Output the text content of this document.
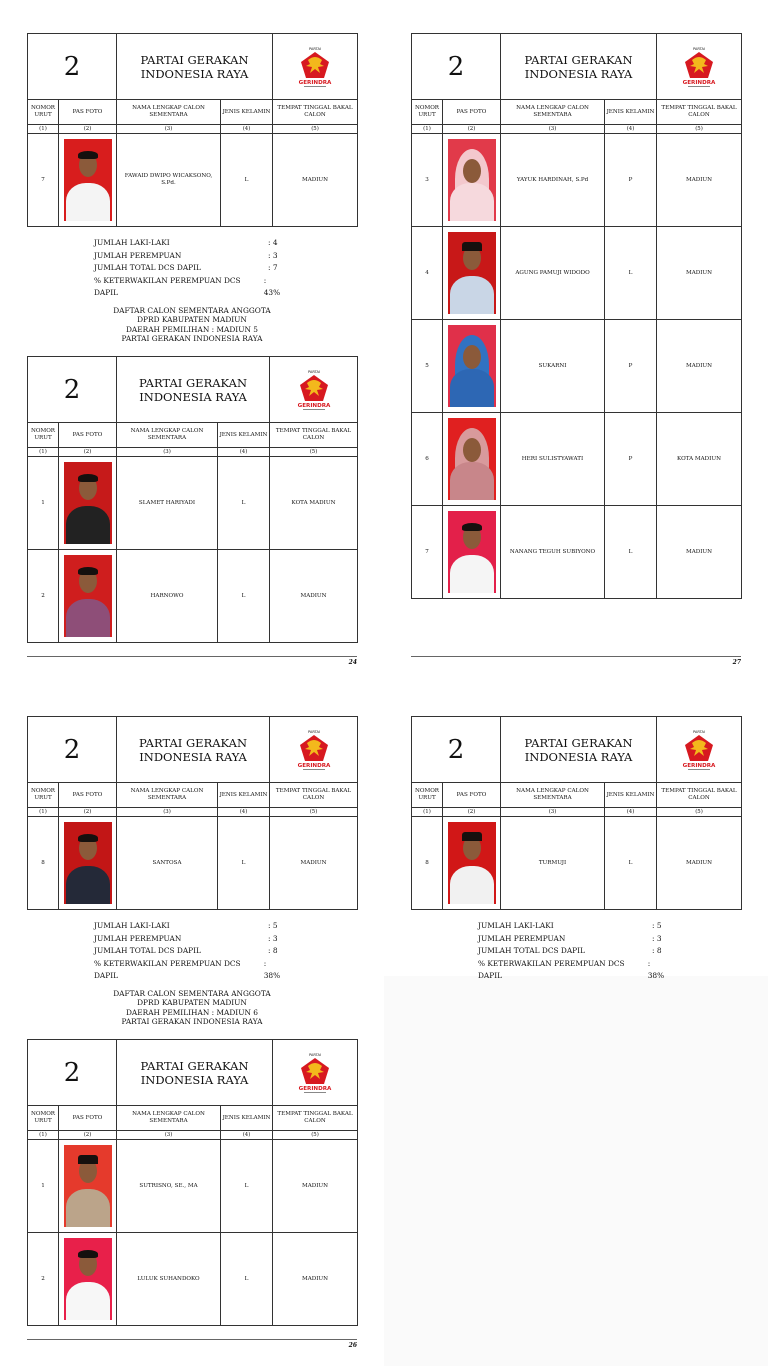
2		PARTAI GERAKAN INDONESIA RAYA		PARTAI
GERINDRA

NOMOR URUT	PAS FOTO	NAMA LENGKAP CALON SEMENTARA	JENIS KELAMIN	TEMPAT TINGGAL BAKAL CALON
(1)	(2)	(3)	(4)	(5)
7		FAWAID DWIPO WICAKSONO, S.Pd.	L	MADIUN
JUMLAH LAKI-LAKI	: 4
JUMLAH PEREMPUAN	: 3
JUMLAH TOTAL DCS DAPIL	: 7
% KETERWAKILAN PEREMPUAN DCS DAPIL
: 43%
DAFTAR CALON SEMENTARA ANGGOTA
DPRD KABUPATEN MADIUN
DAERAH PEMILIHAN : MADIUN 5
PARTAI GERAKAN INDONESIA RAYA
2		PARTAI GERAKAN INDONESIA RAYA		PARTAI
GERINDRA

NOMOR URUT	PAS FOTO	NAMA LENGKAP CALON SEMENTARA	JENIS KELAMIN	TEMPAT TINGGAL BAKAL CALON
(1)	(2)	(3)	(4)	(5)
1		SLAMET HARIYADI	L	KOTA MADIUN
2		HARNOWO	L	MADIUN
24
2		PARTAI GERAKAN INDONESIA RAYA		PARTAI
GERINDRA

NOMOR URUT	PAS FOTO	NAMA LENGKAP CALON SEMENTARA	JENIS KELAMIN	TEMPAT TINGGAL BAKAL CALON
(1)	(2)	(3)	(4)	(5)
3		YAYUK HARDINAH, S.Pd	P	MADIUN
4		AGUNG PAMUJI WIDODO	L	MADIUN
5		SUKARNI	P	MADIUN
6		HERI SULISTYAWATI	P	KOTA MADIUN
7		NANANG TEGUH SUBIYONO	L	MADIUN
27
2		PARTAI GERAKAN INDONESIA RAYA		PARTAI
GERINDRA

NOMOR URUT	PAS FOTO	NAMA LENGKAP CALON SEMENTARA	JENIS KELAMIN	TEMPAT TINGGAL BAKAL CALON
(1)	(2)	(3)	(4)	(5)
8		SANTOSA	L	MADIUN
JUMLAH LAKI-LAKI	: 5
JUMLAH PEREMPUAN	: 3
JUMLAH TOTAL DCS DAPIL	: 8
% KETERWAKILAN PEREMPUAN DCS DAPIL
: 38%
DAFTAR CALON SEMENTARA ANGGOTA
DPRD KABUPATEN MADIUN
DAERAH PEMILIHAN : MADIUN 6
PARTAI GERAKAN INDONESIA RAYA
2		PARTAI GERAKAN INDONESIA RAYA		PARTAI
GERINDRA

NOMOR URUT	PAS FOTO	NAMA LENGKAP CALON SEMENTARA	JENIS KELAMIN	TEMPAT TINGGAL BAKAL CALON
(1)	(2)	(3)	(4)	(5)
1		SUTRISNO, SE., MA	L	MADIUN
2		LULUK SUHANDOKO	L	MADIUN
26
2		PARTAI GERAKAN INDONESIA RAYA		PARTAI
GERINDRA

NOMOR URUT	PAS FOTO	NAMA LENGKAP CALON SEMENTARA	JENIS KELAMIN	TEMPAT TINGGAL BAKAL CALON
(1)	(2)	(3)	(4)	(5)
8		TURMUJI	L	MADIUN
JUMLAH LAKI-LAKI	: 5
JUMLAH PEREMPUAN	: 3
JUMLAH TOTAL DCS DAPIL	: 8
% KETERWAKILAN PEREMPUAN DCS DAPIL
: 38%
